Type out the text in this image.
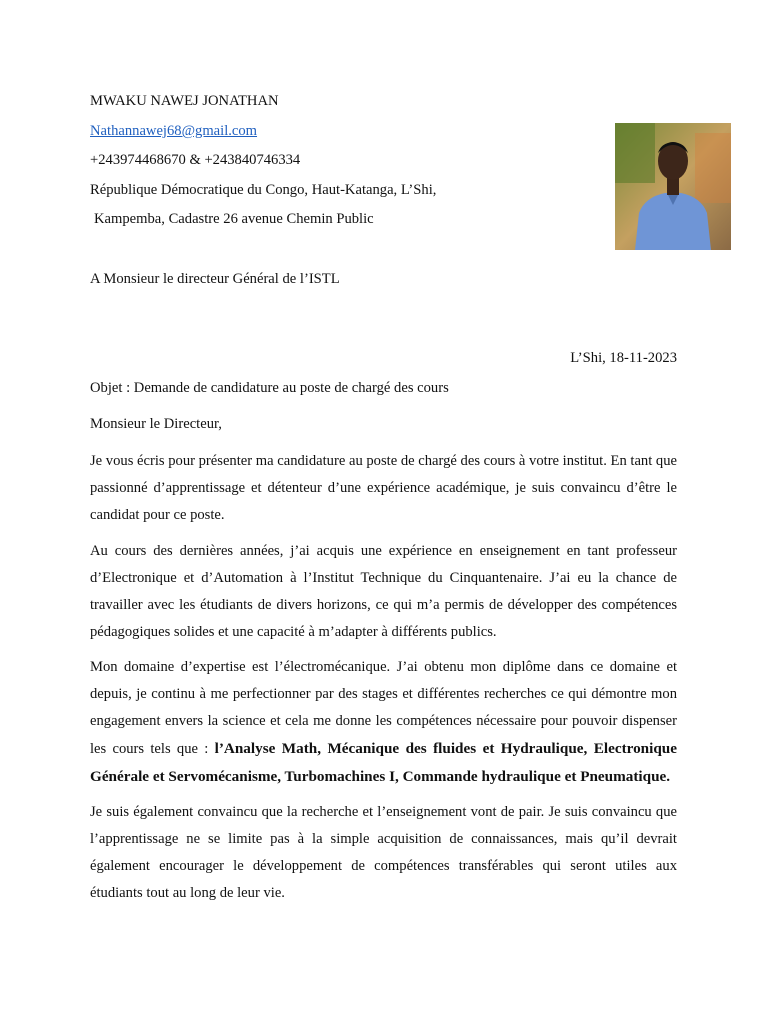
MWAKU NAWEJ JONATHAN
Nathannawej68@gmail.com
+243974468670 & +243840746334
République Démocratique du Congo, Haut-Katanga, L’Shi,
Kampemba, Cadastre 26 avenue Chemin Public
A Monsieur le directeur Général de l’ISTL
L’Shi, 18-11-2023
Objet : Demande de candidature au poste de chargé des cours
Monsieur le Directeur,
Je vous écris pour présenter ma candidature au poste de chargé des cours à votre institut. En tant que passionné d’apprentissage et détenteur d’une expérience académique, je suis convaincu d’être le candidat pour ce poste.
Au cours des dernières années, j’ai acquis une expérience en enseignement en tant professeur d’Electronique et d’Automation à l’Institut Technique du Cinquantenaire. J’ai eu la chance de travailler avec les étudiants de divers horizons, ce qui m’a permis de développer des compétences pédagogiques solides et une capacité à m’adapter à différents publics.
Mon domaine d’expertise est l’électromécanique. J’ai obtenu mon diplôme dans ce domaine et depuis, je continu à me perfectionner par des stages et différentes recherches ce qui démontre mon engagement envers la science et cela me donne les compétences nécessaire pour pouvoir dispenser les cours tels que : l’Analyse Math, Mécanique des fluides et Hydraulique, Electronique Générale et Servomécanisme, Turbomachines I, Commande hydraulique et Pneumatique.
Je suis également convaincu que la recherche et l’enseignement vont de pair. Je suis convaincu que l’apprentissage ne se limite pas à la simple acquisition de connaissances, mais qu’il devrait également encourager le développement de compétences transférables qui seront utiles aux étudiants tout au long de leur vie.
